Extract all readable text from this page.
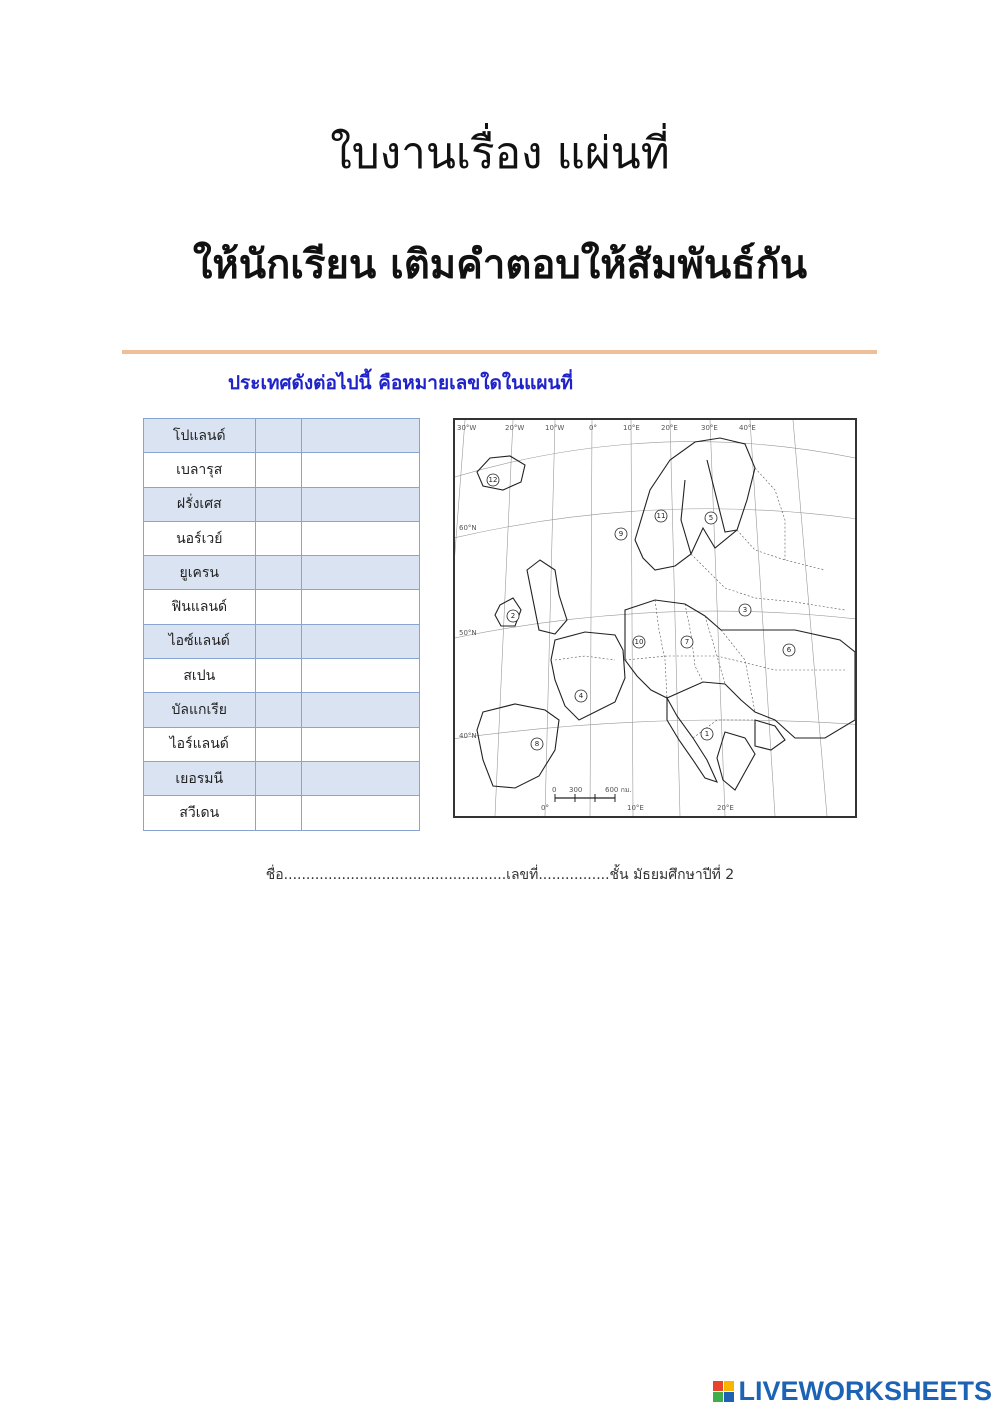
ใบงานเรื่อง แผ่นที่
ให้นักเรียน เติมคำตอบให้สัมพันธ์กัน

ประเทศดังต่อไปนี้ คือหมายเลขใดในแผนที่

โปแลนด์		
เบลารุส		
ฝรั่งเศส		
นอร์เวย์		
ยูเครน		
ฟินแลนด์		
ไอซ์แลนด์		
สเปน		
บัลแกเรีย		
ไอร์แลนด์		
เยอรมนี		
สวีเดน		
1
2
3
4
5
6
7
8
9
10
11
12
30°W	20°W	10°W	0°	10°E	20°E	30°E	40°E
60°N
50°N
40°N
0°	10°E	20°E
0 300	600 กม.
ชื่อ..................................................เลขที่................ชั้น มัธยมศึกษาปีที่ 2
LIVEWORKSHEETS
